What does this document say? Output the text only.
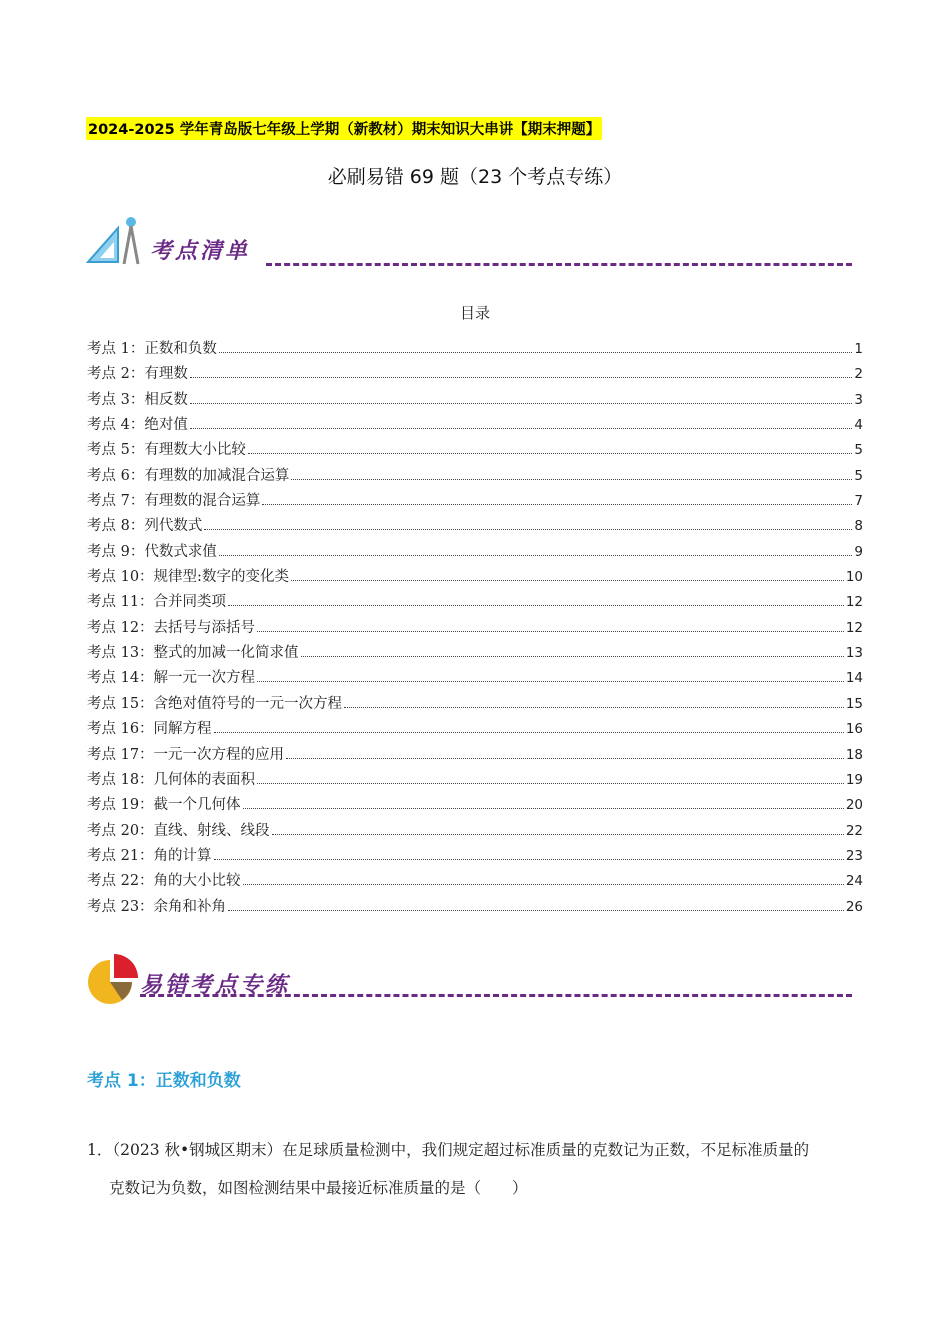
2024-2025 学年青岛版七年级上学期（新教材）期末知识大串讲【期末押题】
必刷易错 69 题（23 个考点专练）
考点清单
目录
考点 1：正数和负数	1
考点 2：有理数	2
考点 3：相反数	3
考点 4：绝对值	4
考点 5：有理数大小比较	5
考点 6：有理数的加减混合运算	5
考点 7：有理数的混合运算	7
考点 8：列代数式	8
考点 9：代数式求值	9
考点 10：规律型:数字的变化类	10
考点 11：合并同类项	12
考点 12：去括号与添括号	12
考点 13：整式的加减一化简求值	13
考点 14：解一元一次方程	14
考点 15：含绝对值符号的一元一次方程	15
考点 16：同解方程	16
考点 17：一元一次方程的应用	18
考点 18：几何体的表面积	19
考点 19：截一个几何体	20
考点 20：直线、射线、线段	22
考点 21：角的计算	23
考点 22：角的大小比较	24
考点 23：余角和补角	26
易错考点专练
考点 1：正数和负数
1．（2023 秋•钢城区期末）在足球质量检测中，我们规定超过标准质量的克数记为正数，不足标准质量的
克数记为负数，如图检测结果中最接近标准质量的是（　　）
